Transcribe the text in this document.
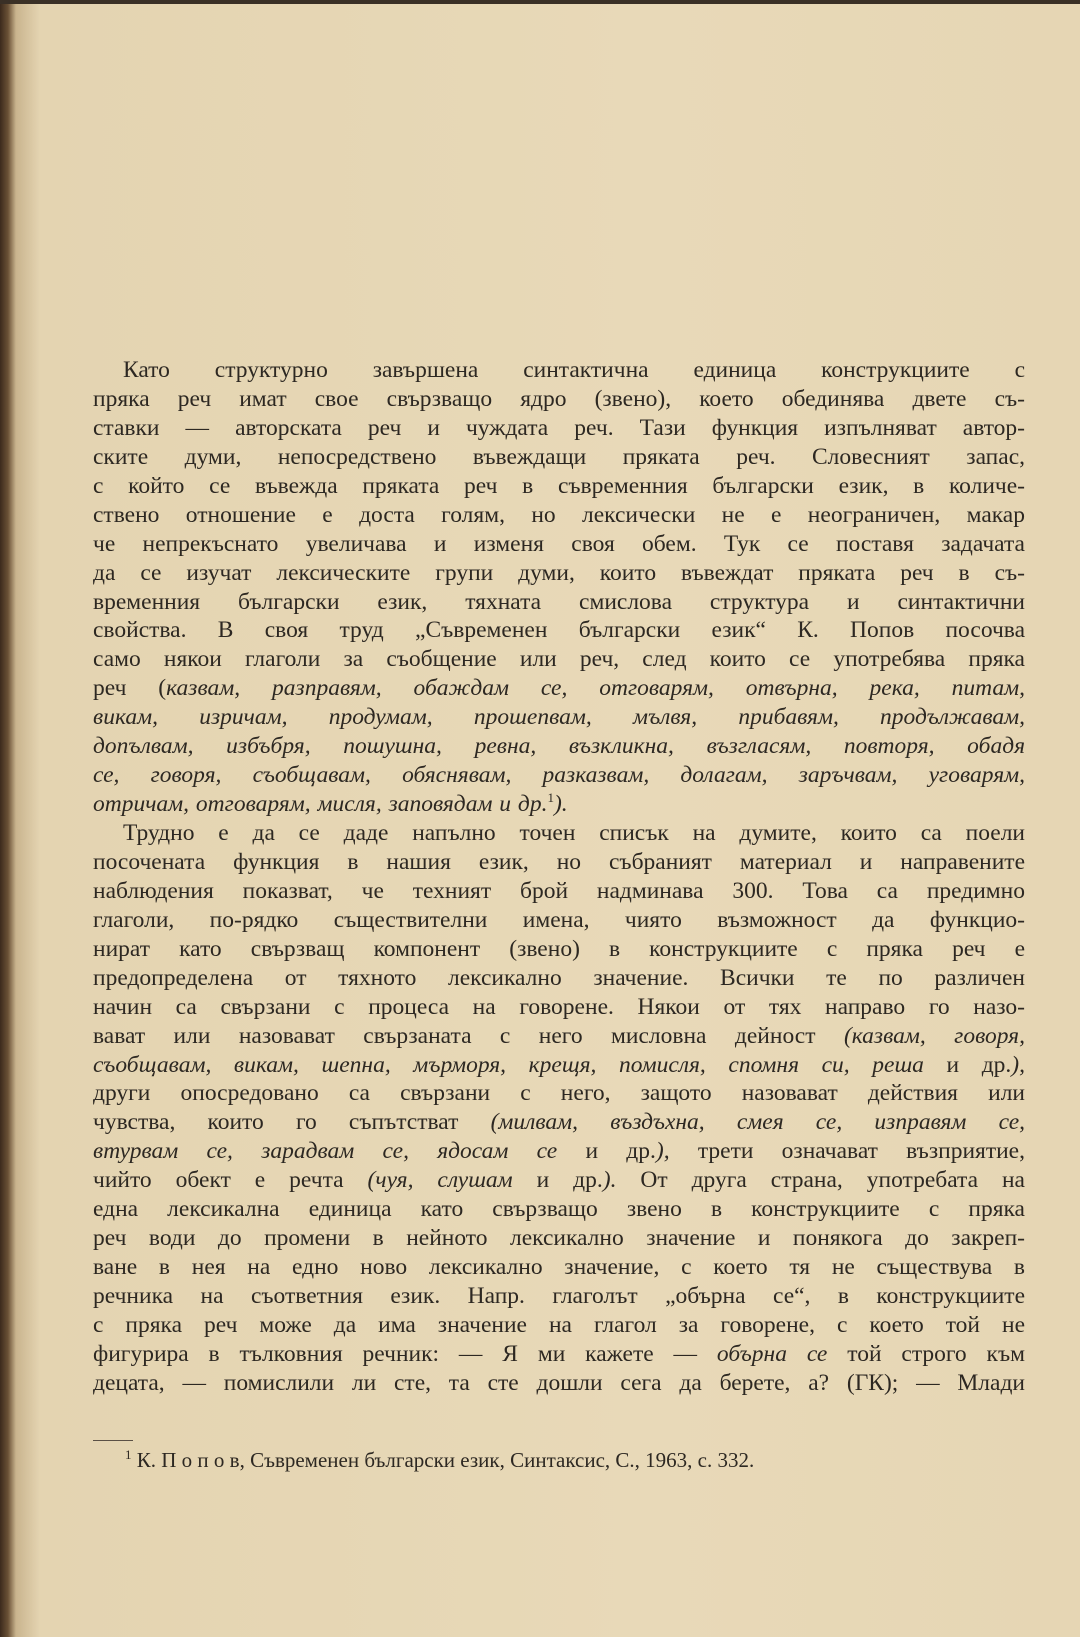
Като структурно завършена синтактична единица конструкциите с
пряка реч имат свое свързващо ядро (звено), което обединява двете съ-
ставки — авторската реч и чуждата реч. Тази функция изпълняват автор-
ските думи, непосредствено въвеждащи пряката реч. Словесният запас,
с който се въвежда пряката реч в съвременния български език, в количе-
ствено отношение е доста голям, но лексически не е неограничен, макар
че непрекъснато увеличава и изменя своя обем. Тук се поставя задачата
да се изучат лексическите групи думи, които въвеждат пряката реч в съ-
временния български език, тяхната смислова структура и синтактични
свойства. В своя труд „Съвременен български език“ К. Попов посочва
само някои глаголи за съобщение или реч, след които се употребява пряка
реч (казвам, разправям, обаждам се, отговарям, отвърна, река, питам,
викам, изричам, продумам, прошепвам, мълвя, прибавям, продължавам,
допълвам, избъбря, пошушна, ревна, възкликна, възгласям, повторя, обадя
се, говоря, съобщавам, обяснявам, разказвам, долагам, заръчвам, уговарям,
отричам, отговарям, мисля, заповядам и др.$^1$).
Трудно е да се даде напълно точен списък на думите, които са поели
посочената функция в нашия език, но събраният материал и направените
наблюдения показват, че техният брой надминава 300. Това са предимно
глаголи, по-рядко съществителни имена, чиято възможност да функцио-
нират като свързващ компонент (звено) в конструкциите с пряка реч е
предопределена от тяхното лексикално значение. Всички те по различен
начин са свързани с процеса на говорене. Някои от тях направо го назо-
вават или назовават свързаната с него мисловна дейност (казвам, говоря,
съобщавам, викам, шепна, мърморя, крещя, помисля, спомня си, реша и др.),
други опосредовано са свързани с него, защото назовават действия или
чувства, които го съпътстват (милвам, въздъхна, смея се, изправям се,
втурвам се, зарадвам се, ядосам се и др.), трети означават възприятие,
чийто обект е речта (чуя, слушам и др.). От друга страна, употребата на
една лексикална единица като свързващо звено в конструкциите с пряка
реч води до промени в нейното лексикално значение и понякога до закреп-
ване в нея на едно ново лексикално значение, с което тя не съществува в
речника на съответния език. Напр. глаголът „обърна се“, в конструкциите
с пряка реч може да има значение на глагол за говорене, с което той не
фигурира в тълковния речник: — Я ми кажете — обърна се той строго към
децата, — помислили ли сте, та сте дошли сега да берете, а? (ГК); — Млади
$^1$ К. П о п о в, Съвременен български език, Синтаксис, С., 1963, с. 332.
